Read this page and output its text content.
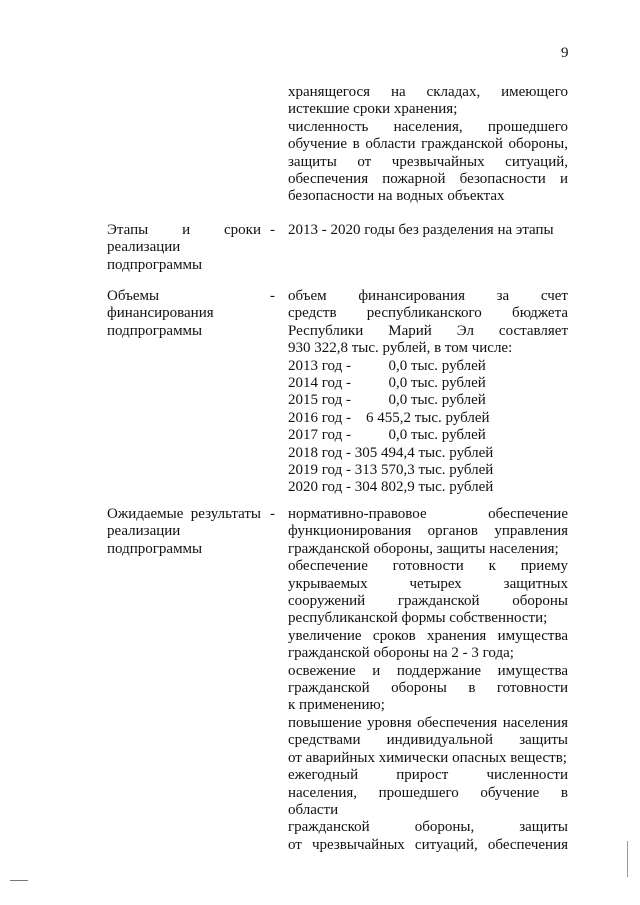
9
хранящегося на складах, имеющего
истекшие сроки хранения;
численность населения, прошедшего
обучение в области гражданской обороны,
защиты от чрезвычайных ситуаций,
обеспечения пожарной безопасности и
безопасности на водных объектах
Этапы и сроки
реализации
подпрограммы
- 2013 - 2020 годы без разделения на этапы
Объемы
финансирования
подпрограммы
- объем финансирования за счет
средств республиканского бюджета
Республики Марий Эл составляет
930 322,8 тыс. рублей, в том числе:
2013 год -          0,0 тыс. рублей
2014 год -          0,0 тыс. рублей
2015 год -          0,0 тыс. рублей
2016 год -    6 455,2 тыс. рублей
2017 год -          0,0 тыс. рублей
2018 год - 305 494,4 тыс. рублей
2019 год - 313 570,3 тыс. рублей
2020 год - 304 802,9 тыс. рублей
Ожидаемые результаты
реализации
подпрограммы
- нормативно-правовое обеспечение
функционирования органов управления
гражданской обороны, защиты населения;
обеспечение готовности к приему
укрываемых четырех защитных
сооружений гражданской обороны
республиканской формы собственности;
увеличение сроков хранения имущества
гражданской обороны на 2 - 3 года;
освежение и поддержание имущества
гражданской обороны в готовности
к применению;
повышение уровня обеспечения населения
средствами индивидуальной защиты
от аварийных химически опасных веществ;
ежегодный прирост численности
населения, прошедшего обучение в области
гражданской обороны, защиты
от чрезвычайных ситуаций, обеспечения
